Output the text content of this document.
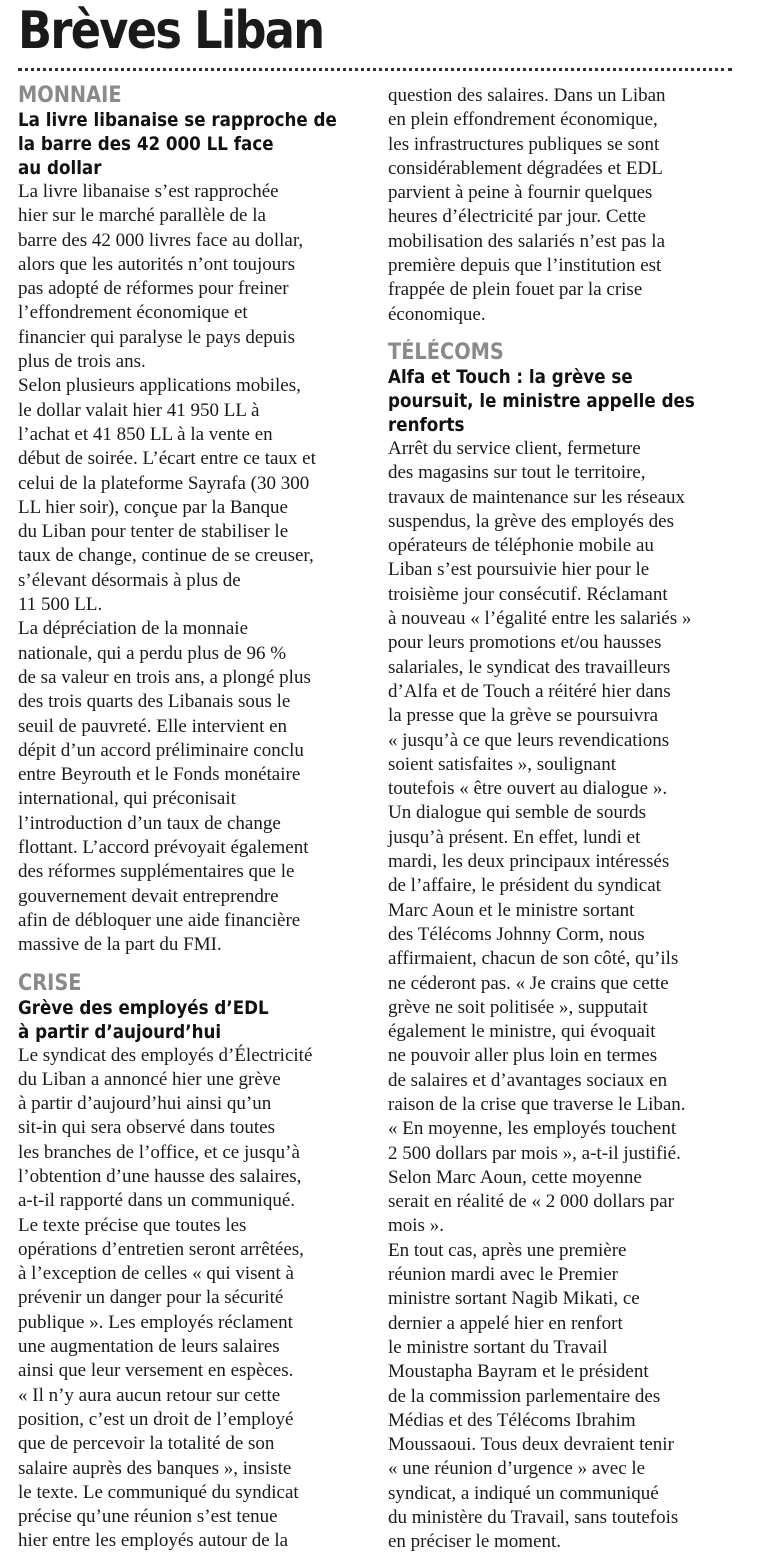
Brèves Liban
MONNAIE
La livre libanaise se rapproche de
la barre des 42 000 LL face
au dollar

La livre libanaise s’est rapprochée
hier sur le marché parallèle de la
barre des 42 000 livres face au dollar,
alors que les autorités n’ont toujours
pas adopté de réformes pour freiner
l’effondrement économique et
financier qui paralyse le pays depuis
plus de trois ans.
Selon plusieurs applications mobiles,
le dollar valait hier 41 950 LL à
l’achat et 41 850 LL à la vente en
début de soirée. L’écart entre ce taux et
celui de la plateforme Sayrafa (30 300
LL hier soir), conçue par la Banque
du Liban pour tenter de stabiliser le
taux de change, continue de se creuser,
s’élevant désormais à plus de
11 500 LL.
La dépréciation de la monnaie
nationale, qui a perdu plus de 96 %
de sa valeur en trois ans, a plongé plus
des trois quarts des Libanais sous le
seuil de pauvreté. Elle intervient en
dépit d’un accord préliminaire conclu
entre Beyrouth et le Fonds monétaire
international, qui préconisait
l’introduction d’un taux de change
flottant. L’accord prévoyait également
des réformes supplémentaires que le
gouvernement devait entreprendre
afin de débloquer une aide financière
massive de la part du FMI.

CRISE
Grève des employés d’EDL
à partir d’aujourd’hui

Le syndicat des employés d’Électricité
du Liban a annoncé hier une grève
à partir d’aujourd’hui ainsi qu’un
sit-in qui sera observé dans toutes
les branches de l’office, et ce jusqu’à
l’obtention d’une hausse des salaires,
a-t-il rapporté dans un communiqué.
Le texte précise que toutes les
opérations d’entretien seront arrêtées,
à l’exception de celles « qui visent à
prévenir un danger pour la sécurité
publique ». Les employés réclament
une augmentation de leurs salaires
ainsi que leur versement en espèces.
« Il n’y aura aucun retour sur cette
position, c’est un droit de l’employé
que de percevoir la totalité de son
salaire auprès des banques », insiste
le texte. Le communiqué du syndicat
précise qu’une réunion s’est tenue
hier entre les employés autour de la

question des salaires. Dans un Liban
en plein effondrement économique,
les infrastructures publiques se sont
considérablement dégradées et EDL
parvient à peine à fournir quelques
heures d’électricité par jour. Cette
mobilisation des salariés n’est pas la
première depuis que l’institution est
frappée de plein fouet par la crise
économique.

TÉLÉCOMS
Alfa et Touch : la grève se
poursuit, le ministre appelle des
renforts

Arrêt du service client, fermeture
des magasins sur tout le territoire,
travaux de maintenance sur les réseaux
suspendus, la grève des employés des
opérateurs de téléphonie mobile au
Liban s’est poursuivie hier pour le
troisième jour consécutif. Réclamant
à nouveau « l’égalité entre les salariés »
pour leurs promotions et/ou hausses
salariales, le syndicat des travailleurs
d’Alfa et de Touch a réitéré hier dans
la presse que la grève se poursuivra
« jusqu’à ce que leurs revendications
soient satisfaites », soulignant
toutefois « être ouvert au dialogue ».
Un dialogue qui semble de sourds
jusqu’à présent. En effet, lundi et
mardi, les deux principaux intéressés
de l’affaire, le président du syndicat
Marc Aoun et le ministre sortant
des Télécoms Johnny Corm, nous
affirmaient, chacun de son côté, qu’ils
ne céderont pas. « Je crains que cette
grève ne soit politisée », supputait
également le ministre, qui évoquait
ne pouvoir aller plus loin en termes
de salaires et d’avantages sociaux en
raison de la crise que traverse le Liban.
« En moyenne, les employés touchent
2 500 dollars par mois », a-t-il justifié.
Selon Marc Aoun, cette moyenne
serait en réalité de « 2 000 dollars par
mois ».
En tout cas, après une première
réunion mardi avec le Premier
ministre sortant Nagib Mikati, ce
dernier a appelé hier en renfort
le ministre sortant du Travail
Moustapha Bayram et le président
de la commission parlementaire des
Médias et des Télécoms Ibrahim
Moussaoui. Tous deux devraient tenir
« une réunion d’urgence » avec le
syndicat, a indiqué un communiqué
du ministère du Travail, sans toutefois
en préciser le moment.
